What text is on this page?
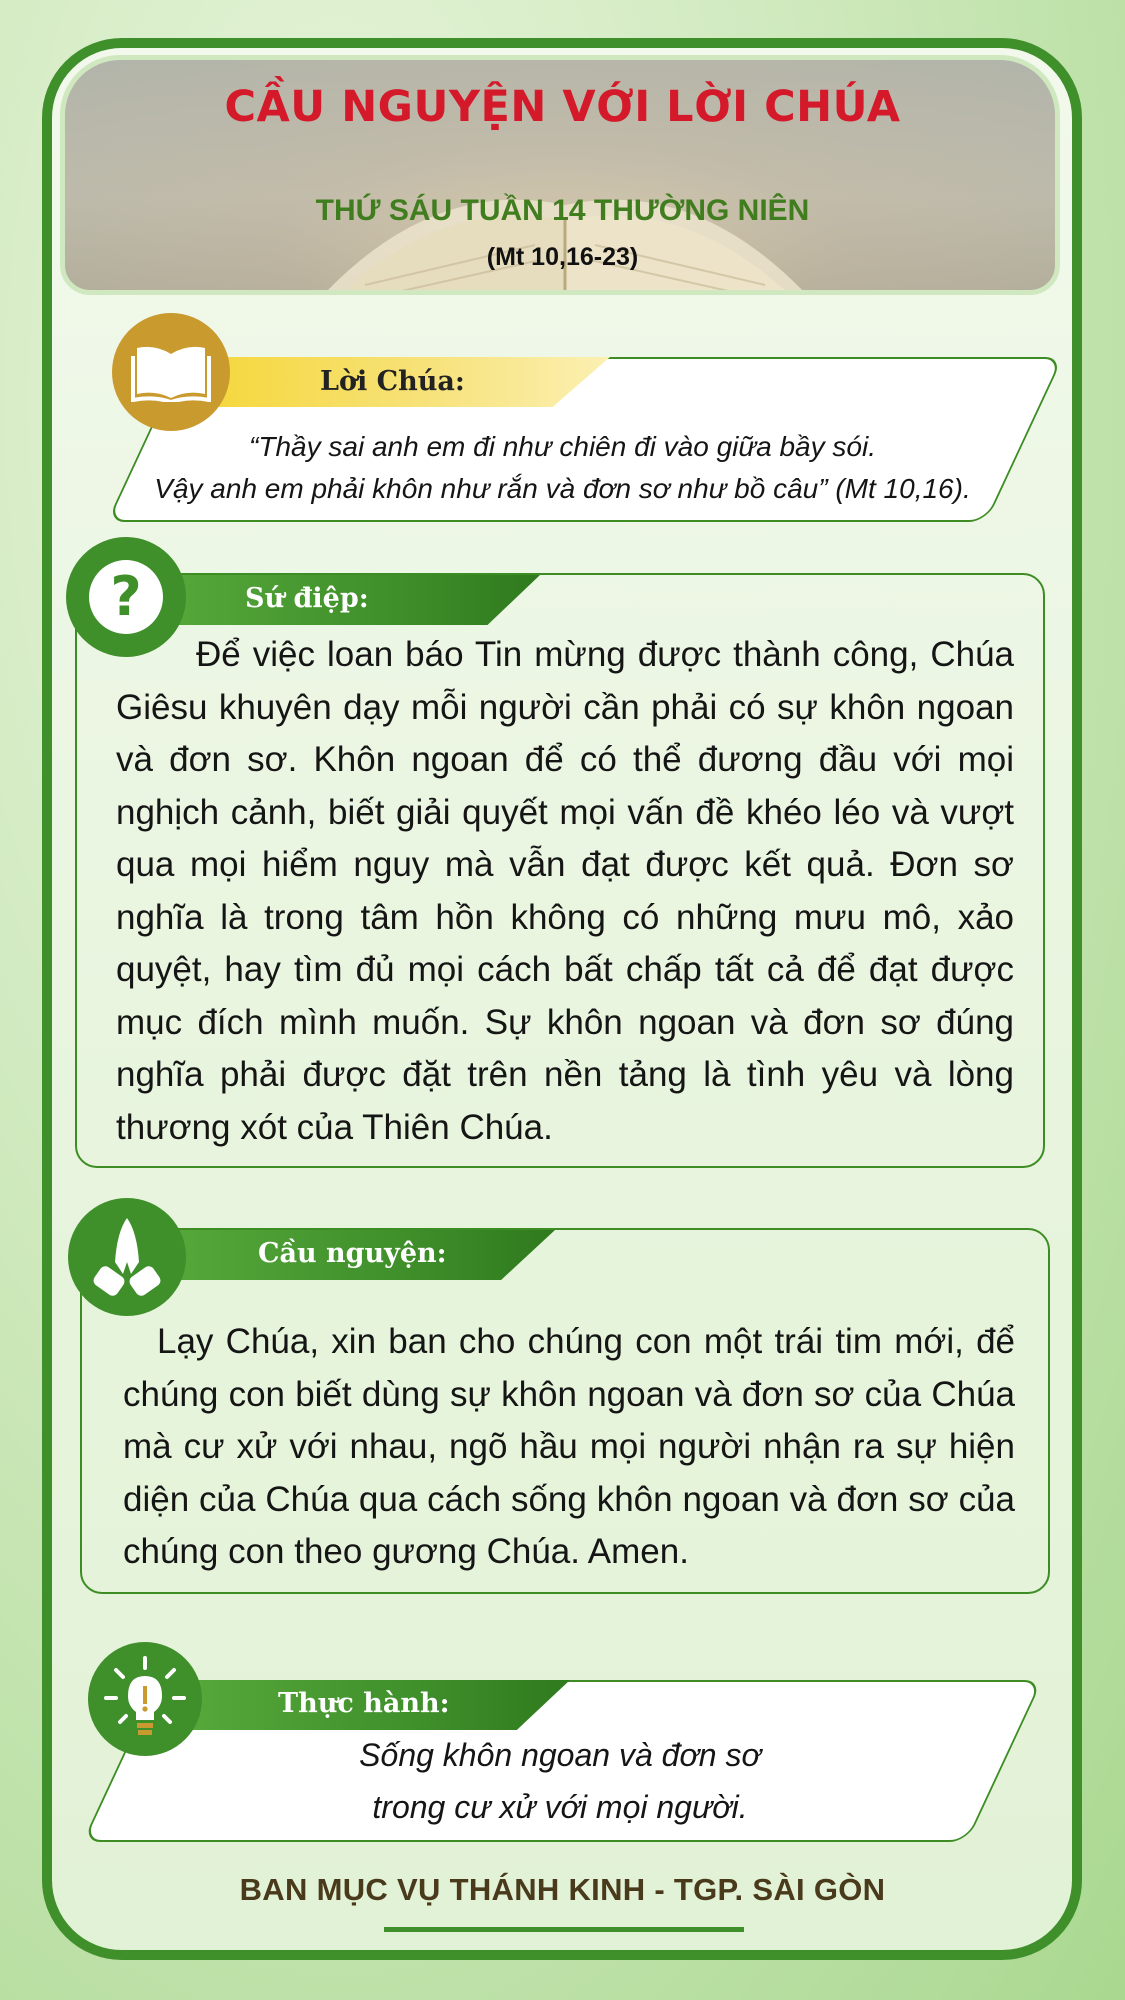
CẦU NGUYỆN VỚI LỜI CHÚA
THỨ SÁU TUẦN 14 THƯỜNG NIÊN
(Mt 10,16-23)
Lời Chúa:
“Thầy sai anh em đi như chiên đi vào giữa bầy sói.
Vậy anh em phải khôn như rắn và đơn sơ như bồ câu” (Mt 10,16).
Sứ điệp:
?
Để việc loan báo Tin mừng được thành công, Chúa Giêsu khuyên dạy mỗi người cần phải có sự khôn ngoan và đơn sơ. Khôn ngoan để có thể đương đầu với mọi nghịch cảnh, biết giải quyết mọi vấn đề khéo léo và vượt qua mọi hiểm nguy mà vẫn đạt được kết quả. Đơn sơ nghĩa là trong tâm hồn không có những mưu mô, xảo quyệt, hay tìm đủ mọi cách bất chấp tất cả để đạt được mục đích mình muốn. Sự khôn ngoan và đơn sơ đúng nghĩa phải được đặt trên nền tảng là tình yêu và lòng thương xót của Thiên Chúa.
Cầu nguyện:
Lạy Chúa, xin ban cho chúng con một trái tim mới, để chúng con biết dùng sự khôn ngoan và đơn sơ của Chúa mà cư xử với nhau, ngõ hầu mọi người nhận ra sự hiện diện của Chúa qua cách sống khôn ngoan và đơn sơ của chúng con theo gương Chúa. Amen.
Thực hành:
Sống khôn ngoan và đơn sơ
trong cư xử với mọi người.
BAN MỤC VỤ THÁNH KINH - TGP. SÀI GÒN
